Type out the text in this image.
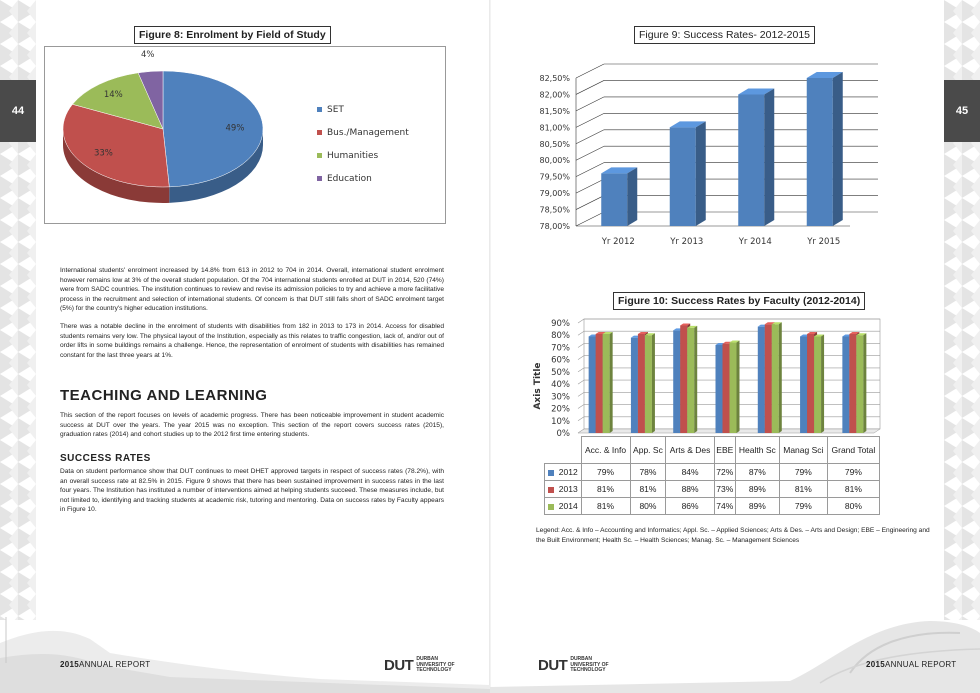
44	45
Figure 8: Enrolment by Field of Study
49%
33%
14%
4%
SET
Bus./Management
Humanities
Education
International students' enrolment increased by 14.8% from 613 in 2012 to 704 in 2014. Overall, international student enrolment however remains low at 3% of the overall student population. Of the 704 international students enrolled at DUT in 2014, 520 (74%) were from SADC countries. The institution continues to review and revise its admission policies to try and achieve a more facilitative process in the recruitment and selection of international students. Of concern is that DUT still falls short of SADC enrolment target (5%) for the country's higher education institutions.
There was a notable decline in the enrolment of students with disabilities from 182 in 2013 to 173 in 2014. Access for disabled students remains very low. The physical layout of the Institution, especially as this relates to traffic congestion, lack of, and/or out of order lifts in some buildings remains a challenge. Hence, the representation of enrolment of students with disabilities has remained constant for the last three years at 1%.
TEACHING AND LEARNING
This section of the report focuses on levels of academic progress. There has been noticeable improvement in student academic success at DUT over the years. The year 2015 was no exception. This section of the report covers success rates (2015), graduation rates (2014) and cohort studies up to the 2012 first time entering students.
SUCCESS RATES
Data on student performance show that DUT continues to meet DHET approved targets in respect of success rates (78.2%), with an overall success rate at 82.5% in 2015. Figure 9 shows that there has been sustained improvement in success rates in the last four years. The Institution has instituted a number of interventions aimed at helping students succeed. These measures include, but not limited to, identifying and tracking students at academic risk, tutoring and mentoring. Data on success rates by Faculty appears in Figure 10.
Figure 9: Success Rates- 2012-2015
78,00%
78,50%
79,00%
79,50%
80,00%
80,50%
81,00%
81,50%
82,00%
82,50%
Yr 2012	Yr 2013	Yr 2014	Yr 2015
Figure 10: Success Rates by Faculty (2012-2014)
0%
10%
20%
30%
40%
50%
60%
70%
80%
90%
Axis Title
	Acc. & Info	App. Sc	Arts & Des	EBE	Health Sc	Manag Sci	Grand Total
2012	79%	78%	84%	72%	87%	79%	79%
2013	81%	81%	88%	73%	89%	81%	81%
2014	81%	80%	86%	74%	89%	79%	80%
Legend: Acc. & Info – Accounting and Informatics; Appl. Sc. – Applied Sciences; Arts & Des. – Arts and Design; EBE – Engineering and the Built Environment; Health Sc. – Health Sciences; Manag. Sc. – Management Sciences
2015ANNUAL REPORT	DUT DURBAN
UNIVERSITY OF
TECHNOLOGY	DUT DURBAN
UNIVERSITY OF
TECHNOLOGY
2015ANNUAL REPORT
